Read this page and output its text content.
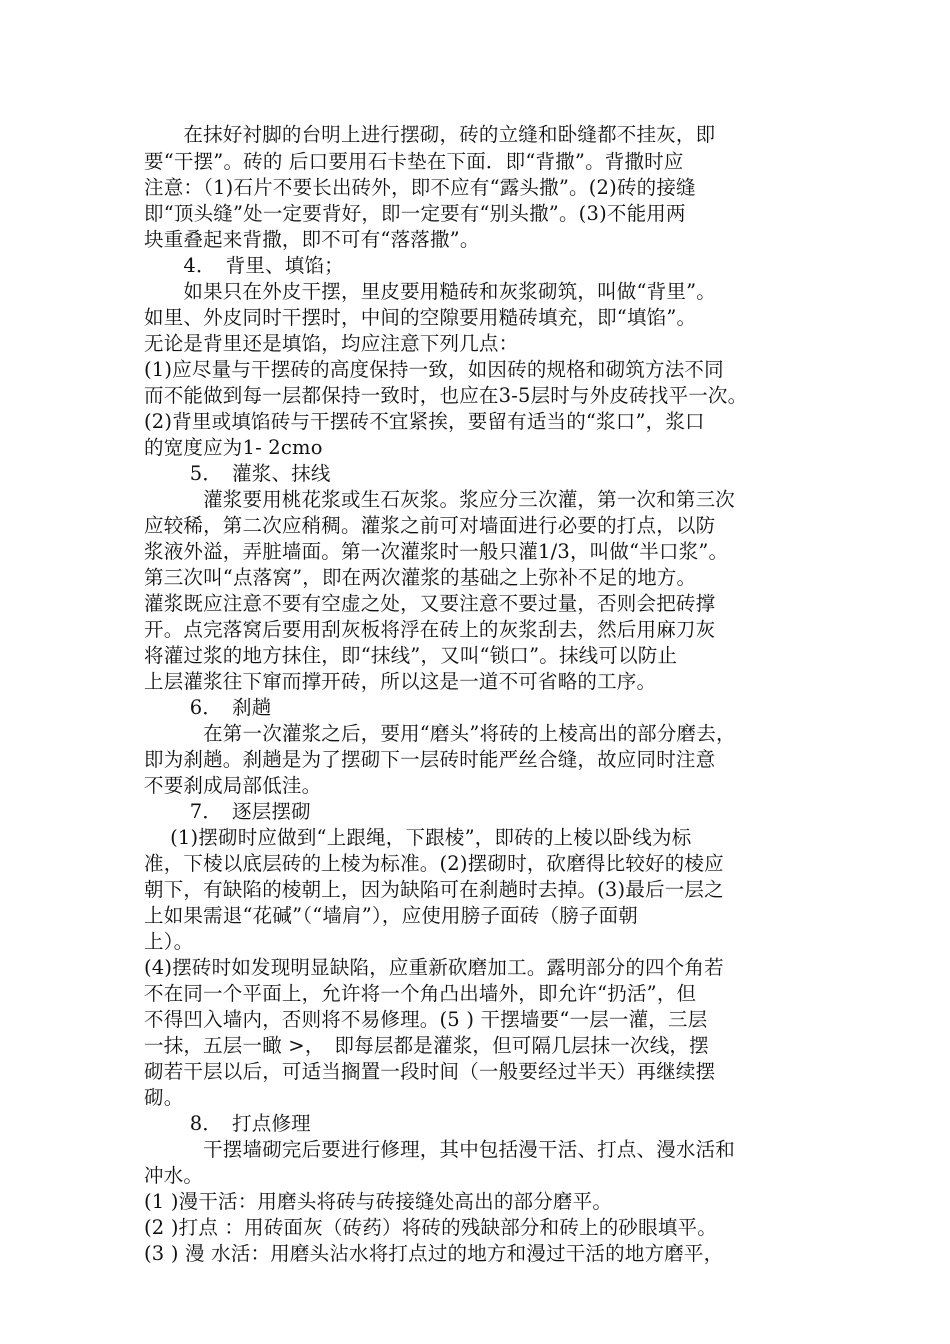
　　在抹好衬脚的台明上进行摆砌，砖的立缝和卧缝都不挂灰，即

要“干摆”。砖的 后口要用石卡垫在下面．即“背撒”。背撒时应

注意：（1)石片不要长出砖外，即不应有“露头撒”。(2)砖的接缝

即“顶头缝”处一定要背好，即一定要有“别头撒”。(3)不能用两

块重叠起来背撒，即不可有“落落撒”。

　　4．　背里、填馅；

　　如果只在外皮干摆，里皮要用糙砖和灰浆砌筑，叫做“背里”。

如里、外皮同时干摆时，中间的空隙要用糙砖填充，即“填馅”。

无论是背里还是填馅，均应注意下列几点：

(1)应尽量与干摆砖的高度保持一致，如因砖的规格和砌筑方法不同

而不能做到每一层都保持一致时，也应在3-5层时与外皮砖找平一次。

(2)背里或填馅砖与干摆砖不宜紧挨，要留有适当的“浆口”，浆口

的宽度应为1- 2cmo

　　 5．　灌浆、抹线

　　　灌浆要用桃花浆或生石灰浆。浆应分三次灌，第一次和第三次

应较稀，第二次应稍稠。灌浆之前可对墙面进行必要的打点，以防

浆液外溢，弄脏墙面。第一次灌浆时一般只灌1/3，叫做“半口浆”。

第三次叫“点落窝”，即在两次灌浆的基础之上弥补不足的地方。

灌浆既应注意不要有空虚之处，又要注意不要过量，否则会把砖撑

开。点完落窝后要用刮灰板将浮在砖上的灰浆刮去，然后用麻刀灰

将灌过浆的地方抹住，即“抹线”，又叫“锁口”。抹线可以防止

上层灌浆往下窜而撑开砖，所以这是一道不可省略的工序。

　　 6．　刹趟

　　　在第一次灌浆之后，要用“磨头”将砖的上棱高出的部分磨去，

即为刹趟。刹趟是为了摆砌下一层砖时能严丝合缝，故应同时注意

不要刹成局部低洼。

　　 7．　逐层摆砌

　 (1)摆砌时应做到“上跟绳，下跟棱”，即砖的上棱以卧线为标

准，下棱以底层砖的上棱为标准。(2)摆砌时，砍磨得比较好的棱应

朝下，有缺陷的棱朝上，因为缺陷可在刹趟时去掉。(3)最后一层之

上如果需退“花碱”（“墙肩”），应使用膀子面砖（膀子面朝

上）。

(4)摆砖时如发现明显缺陷，应重新砍磨加工。露明部分的四个角若

不在同一个平面上，允许将一个角凸出墙外，即允许“扔活”，但

不得凹入墙内，否则将不易修理。(5 ) 干摆墙要“一层一灌，三层

一抹，五层一瞰 >，　即每层都是灌浆，但可隔几层抹一次线，摆

砌若干层以后，可适当搁置一段时间（一般要经过半天）再继续摆

砌。

　　 8．　打点修理

　　　干摆墙砌完后要进行修理，其中包括漫干活、打点、漫水活和

冲水。

(1 )漫干活：用磨头将砖与砖接缝处高出的部分磨平。

(2 )打点 ：用砖面灰（砖药）将砖的残缺部分和砖上的砂眼填平。

(3 ) 漫 水活：用磨头沾水将打点过的地方和漫过干活的地方磨平，
